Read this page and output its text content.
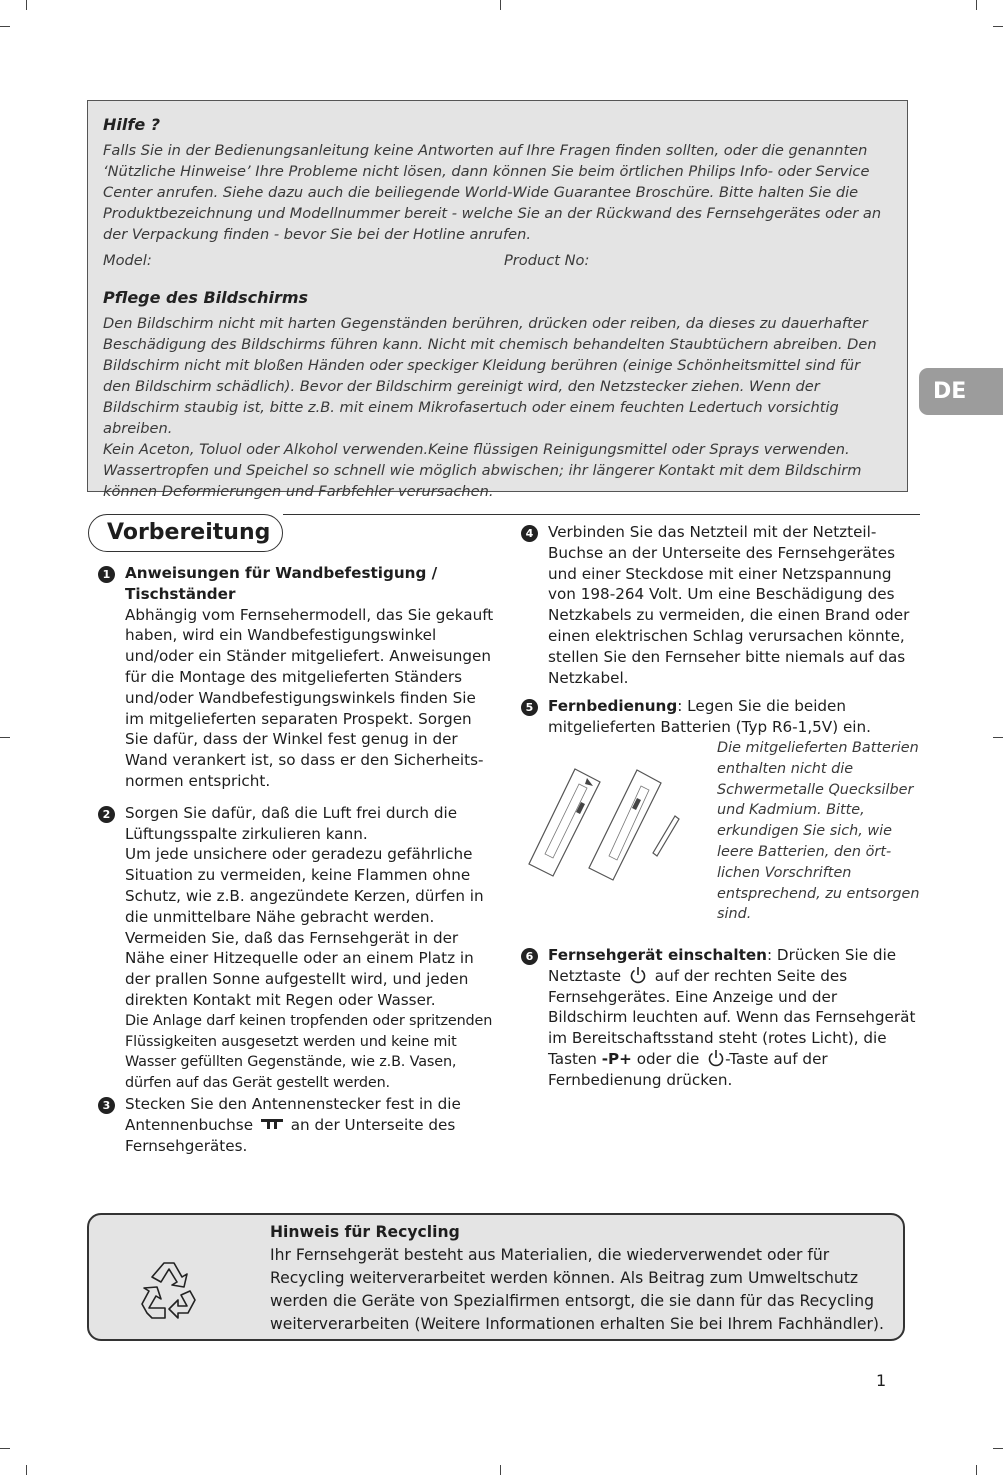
Hilfe ?

Falls Sie in der Bedienungsanleitung keine Antworten auf Ihre Fragen finden sollten, oder die genannten ‘Nützliche Hinweise’ Ihre Probleme nicht lösen, dann können Sie beim örtlichen Philips Info- oder Service Center anrufen. Siehe dazu auch die beiliegende World-Wide Guarantee Broschüre. Bitte halten Sie die Produktbezeichnung und Modellnummer bereit - welche Sie an der Rückwand des Fernsehgerätes oder an der Verpackung finden - bevor Sie bei der Hotline anrufen.

Model:	Product No:
Pflege des Bildschirms

Den Bildschirm nicht mit harten Gegenständen berühren, drücken oder reiben, da dieses zu dauerhafter Beschädigung des Bildschirms führen kann. Nicht mit chemisch behandelten Staubtüchern abreiben. Den Bildschirm nicht mit bloßen Händen oder speckiger Kleidung berühren (einige Schönheitsmittel sind für den Bildschirm schädlich). Bevor der Bildschirm gereinigt wird, den Netzstecker ziehen. Wenn der Bildschirm staubig ist, bitte z.B. mit einem Mikrofasertuch oder einem feuchten Ledertuch vorsichtig abreiben.

Kein Aceton, Toluol oder Alkohol verwenden.Keine flüssigen Reinigungsmittel oder Sprays verwenden. Wassertropfen und Speichel so schnell wie möglich abwischen; ihr längerer Kontakt mit dem Bildschirm können Deformierungen und Farbfehler verursachen.

DE
Vorbereitung
1 Anweisungen für Wandbefestigung / Tischständer

Abhängig vom Fernsehermodell, das Sie gekauft haben, wird ein Wandbefestigungswinkel und/oder ein Ständer mitgeliefert. Anweisungen für die Montage des mitgelieferten Ständers und/oder Wandbefestigungswinkels finden Sie im mitgelieferten separaten Prospekt. Sorgen Sie dafür, dass der Winkel fest genug in der Wand verankert ist, so dass er den Sicherheits-normen entspricht.

2 Sorgen Sie dafür, daß die Luft frei durch die Lüftungsspalte zirkulieren kann.

Um jede unsichere oder geradezu gefährliche Situation zu vermeiden, keine Flammen ohne Schutz, wie z.B. angezündete Kerzen, dürfen in die unmittelbare Nähe gebracht werden. Vermeiden Sie, daß das Fernsehgerät in der Nähe einer Hitzequelle oder an einem Platz in der prallen Sonne aufgestellt wird, und jeden direkten Kontakt mit Regen oder Wasser.

Die Anlage darf keinen tropfenden oder spritzenden Flüssigkeiten ausgesetzt werden und keine mit Wasser gefüllten Gegenstände, wie z.B. Vasen, dürfen auf das Gerät gestellt werden.

3 Stecken Sie den Antennenstecker fest in die Antennenbuchse an der Unterseite des Fernsehgerätes.

4 Verbinden Sie das Netzteil mit der Netzteil-Buchse an der Unterseite des Fernsehgerätes und einer Steckdose mit einer Netzspannung von 198-264 Volt. Um eine Beschädigung des Netzkabels zu vermeiden, die einen Brand oder einen elektrischen Schlag verursachen könnte, stellen Sie den Fernseher bitte niemals auf das Netzkabel.

5 Fernbedienung: Legen Sie die beiden mitgelieferten Batterien (Typ R6-1,5V) ein.

Die mitgelieferten Batterien enthalten nicht die Schwermetalle Quecksilber und Kadmium. Bitte, erkundigen Sie sich, wie leere Batterien, den ört-lichen Vorschriften entsprechend, zu entsorgen sind.
6 Fernsehgerät einschalten: Drücken Sie die Netztaste auf der rechten Seite des Fernsehgerätes. Eine Anzeige und der Bildschirm leuchten auf. Wenn das Fernsehgerät im Bereitschaftsstand steht (rotes Licht), die Tasten -P+ oder die -Taste auf der Fernbedienung drücken.

Hinweis für Recycling

Ihr Fernsehgerät besteht aus Materialien, die wiederverwendet oder für Recycling weiterverarbeitet werden können. Als Beitrag zum Umweltschutz werden die Geräte von Spezialfirmen entsorgt, die sie dann für das Recycling weiterverarbeiten (Weitere Informationen erhalten Sie bei Ihrem Fachhändler).

1
